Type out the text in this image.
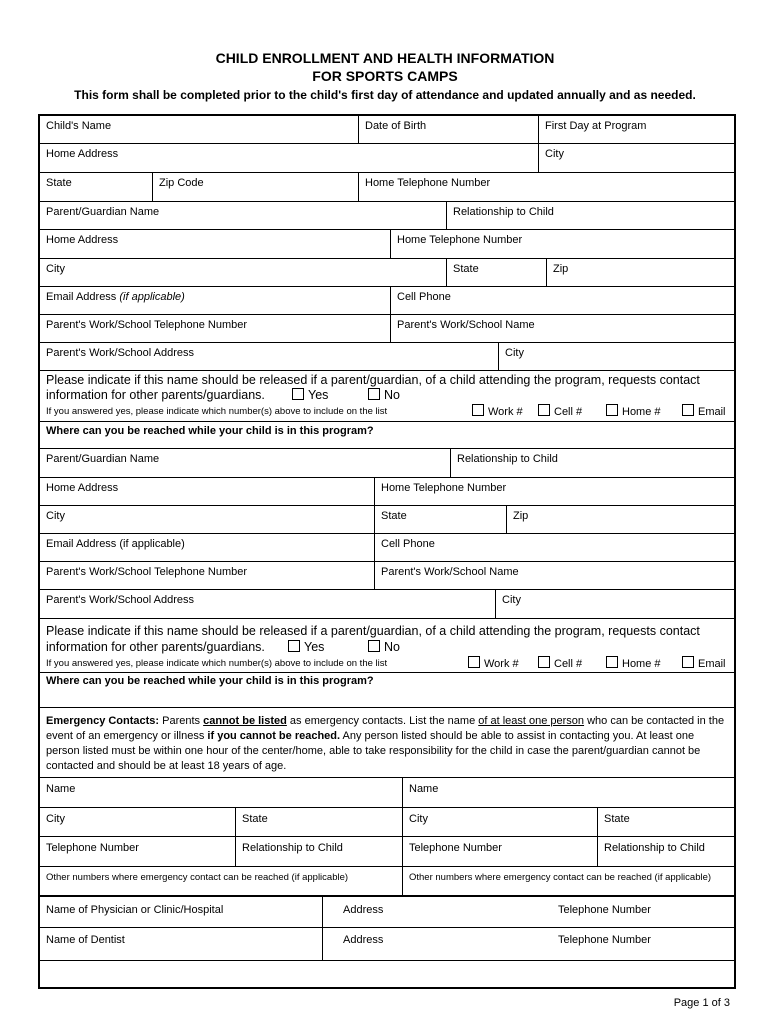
CHILD ENROLLMENT AND HEALTH INFORMATION
FOR SPORTS CAMPS
This form shall be completed prior to the child's first day of attendance and updated annually and as needed.
Child's Name	Date of Birth	First Day at Program
Home Address	City
State	Zip Code	Home Telephone Number
Parent/Guardian Name	Relationship to Child
Home Address	Home Telephone Number
City	State	Zip
Email Address (if applicable)	Cell Phone
Parent's Work/School Telephone Number	Parent's Work/School Name
Parent's Work/School Address	City
Please indicate if this name should be released if a parent/guardian, of a child attending the program, requests contact
information for other parents/guardians.	Yes	No
If you answered yes, please indicate which number(s) above to include on the list	Work #	Cell #	Home #	Email
Where can you be reached while your child is in this program?
Parent/Guardian Name	Relationship to Child
Home Address	Home Telephone Number
City	State	Zip
Email Address (if applicable)	Cell Phone
Parent's Work/School Telephone Number	Parent's Work/School Name
Parent's Work/School Address	City
Please indicate if this name should be released if a parent/guardian, of a child attending the program, requests contact
information for other parents/guardians.	Yes	No
If you answered yes, please indicate which number(s) above to include on the list	Work #	Cell #	Home #	Email
Where can you be reached while your child is in this program?
Emergency Contacts: Parents cannot be listed as emergency contacts. List the name of at least one person who can be contacted in the event of an emergency or illness if you cannot be reached. Any person listed should be able to assist in contacting you. At least one person listed must be within one hour of the center/home, able to take responsibility for the child in case the parent/guardian cannot be contacted and should be at least 18 years of age.
Name	Name
City	State	City	State
Telephone Number	Relationship to Child	Telephone Number	Relationship to Child
Other numbers where emergency contact can be reached (if applicable)	Other numbers where emergency contact can be reached (if applicable)
Name of Physician or Clinic/Hospital	Address	Telephone Number
Name of Dentist	Address	Telephone Number
Page 1 of 3
